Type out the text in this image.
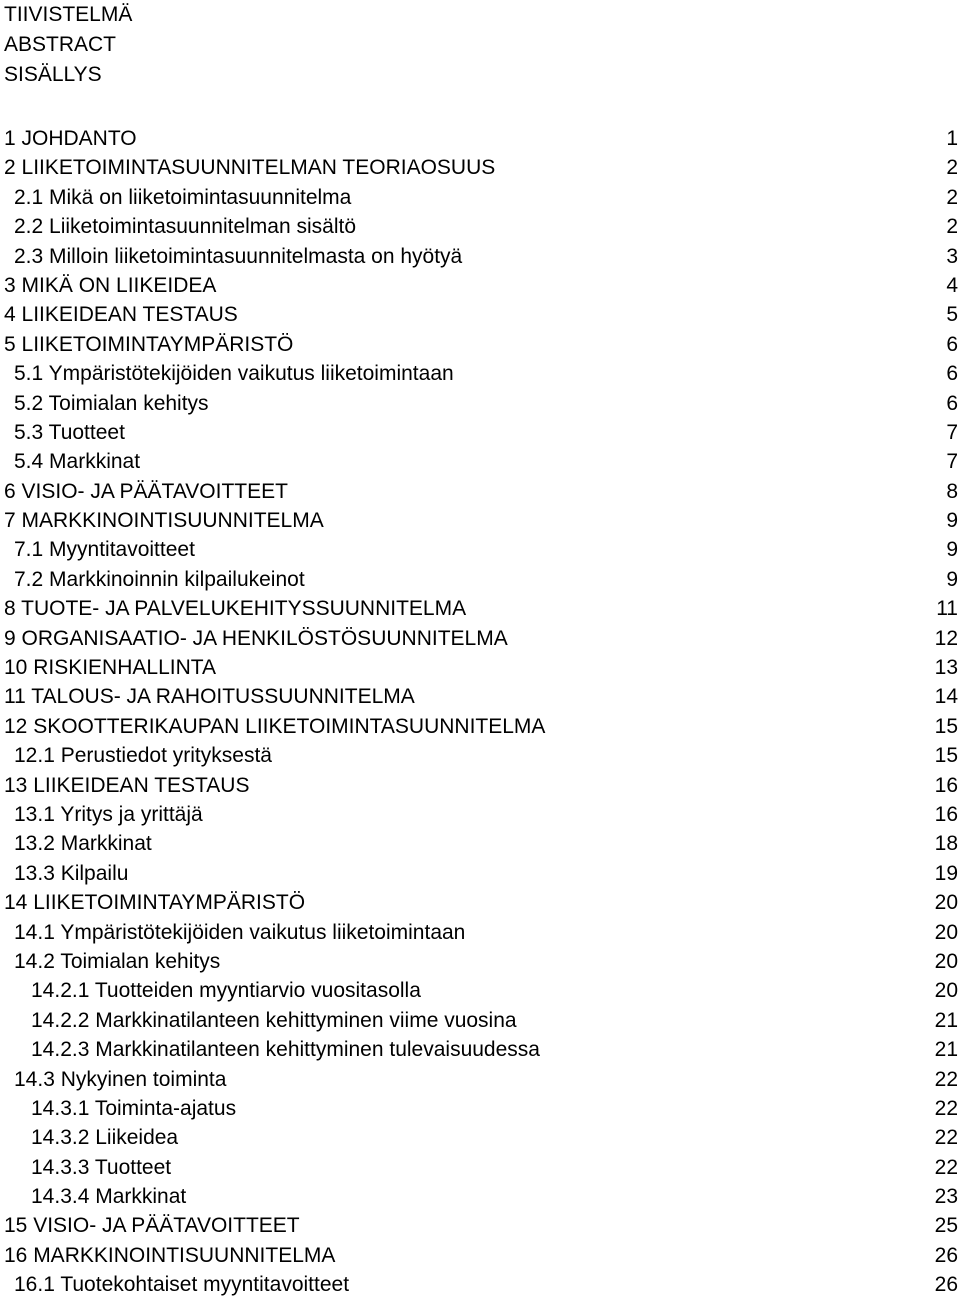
TIIVISTELMÄ
ABSTRACT
SISÄLLYS
1 JOHDANTO	1
2 LIIKETOIMINTASUUNNITELMAN TEORIAOSUUS	2
2.1 Mikä on liiketoimintasuunnitelma	2
2.2 Liiketoimintasuunnitelman sisältö	2
2.3 Milloin liiketoimintasuunnitelmasta on hyötyä	3
3 MIKÄ ON LIIKEIDEA	4
4 LIIKEIDEAN TESTAUS	5
5 LIIKETOIMINTAYMPÄRISTÖ	6
5.1 Ympäristötekijöiden vaikutus liiketoimintaan	6
5.2 Toimialan kehitys	6
5.3 Tuotteet	7
5.4 Markkinat	7
6 VISIO- JA PÄÄTAVOITTEET	8
7 MARKKINOINTISUUNNITELMA	9
7.1 Myyntitavoitteet	9
7.2 Markkinoinnin kilpailukeinot	9
8 TUOTE- JA PALVELUKEHITYSSUUNNITELMA	11
9 ORGANISAATIO- JA HENKILÖSTÖSUUNNITELMA	12
10 RISKIENHALLINTA	13
11 TALOUS- JA RAHOITUSSUUNNITELMA	14
12 SKOOTTERIKAUPAN LIIKETOIMINTASUUNNITELMA	15
12.1 Perustiedot yrityksestä	15
13 LIIKEIDEAN TESTAUS	16
13.1 Yritys ja yrittäjä	16
13.2 Markkinat	18
13.3 Kilpailu	19
14 LIIKETOIMINTAYMPÄRISTÖ	20
14.1 Ympäristötekijöiden vaikutus liiketoimintaan	20
14.2 Toimialan kehitys	20
14.2.1 Tuotteiden myyntiarvio vuositasolla	20
14.2.2 Markkinatilanteen kehittyminen viime vuosina	21
14.2.3 Markkinatilanteen kehittyminen tulevaisuudessa	21
14.3 Nykyinen toiminta	22
14.3.1 Toiminta-ajatus	22
14.3.2 Liikeidea	22
14.3.3 Tuotteet	22
14.3.4 Markkinat	23
15 VISIO- JA PÄÄTAVOITTEET	25
16 MARKKINOINTISUUNNITELMA	26
16.1 Tuotekohtaiset myyntitavoitteet	26
